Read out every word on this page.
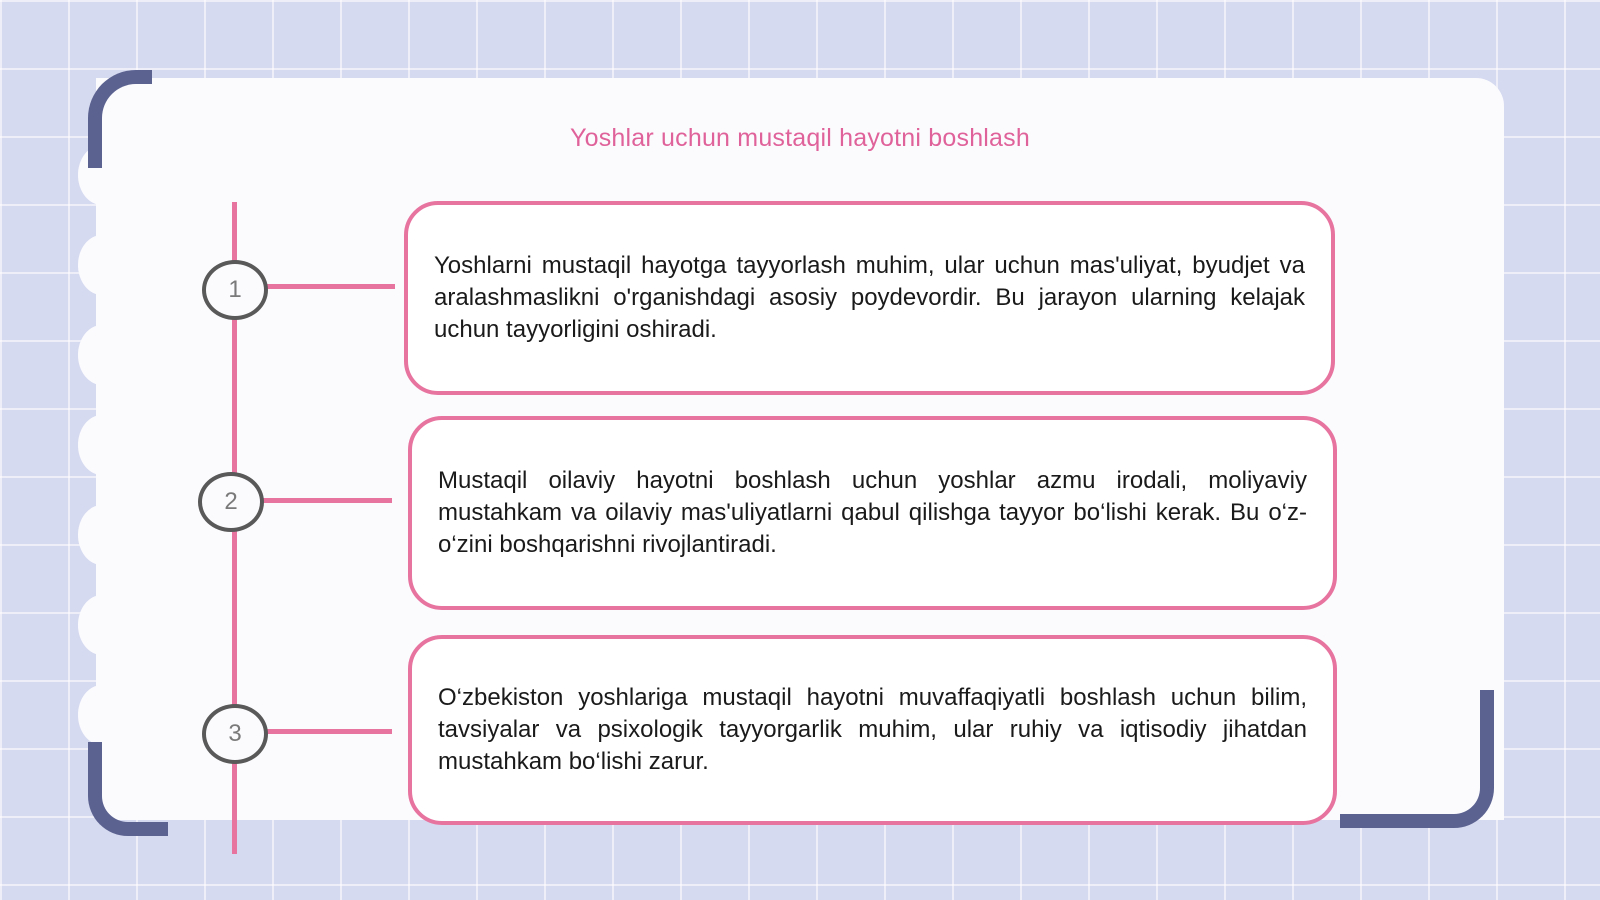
Yoshlar uchun mustaqil hayotni boshlash
1

Yoshlarni mustaqil hayotga tayyorlash muhim, ular uchun mas'uliyat, byudjet va aralashmaslikni o'rganishdagi asosiy poydevordir. Bu jarayon ularning kelajak uchun tayyorligini oshiradi.

2

Mustaqil oilaviy hayotni boshlash uchun yoshlar azmu irodali, moliyaviy mustahkam va oilaviy mas'uliyatlarni qabul qilishga tayyor bo‘lishi kerak. Bu o‘z-o‘zini boshqarishni rivojlantiradi.

3

O‘zbekiston yoshlariga mustaqil hayotni muvaffaqiyatli boshlash uchun bilim, tavsiyalar va psixologik tayyorgarlik muhim, ular ruhiy va iqtisodiy jihatdan mustahkam bo‘lishi zarur.
